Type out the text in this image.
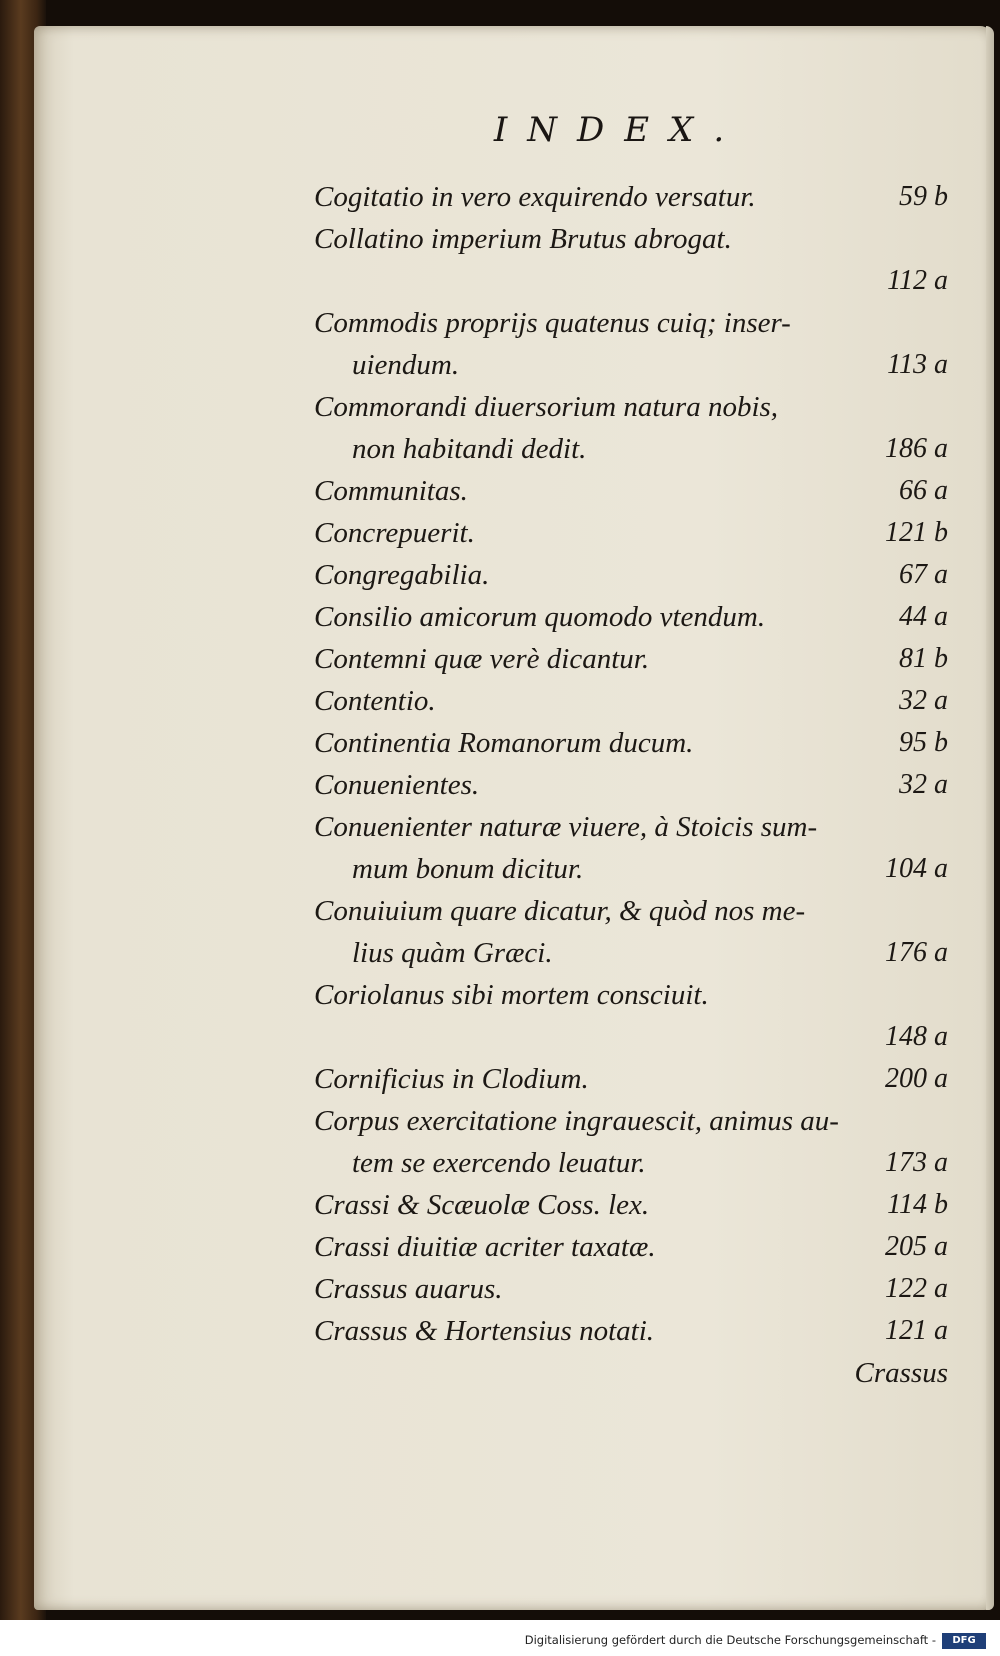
INDEX.
Cogitatio in vero exquirendo versatur.	59 b
Collatino imperium Brutus abrogat.
112 a
Commodis proprijs quatenus cuiq; inser-
uiendum.	113 a
Commorandi diuersorium natura nobis,
non habitandi dedit.	186 a
Communitas.	66 a
Concrepuerit.	121 b
Congregabilia.	67 a
Consilio amicorum quomodo vtendum.	44 a
Contemni quæ verè dicantur.	81 b
Contentio.	32 a
Continentia Romanorum ducum.	95 b
Conuenientes.	32 a
Conuenienter naturæ viuere, à Stoicis sum-
mum bonum dicitur.	104 a
Conuiuium quare dicatur, & quòd nos me-
lius quàm Græci.	176 a
Coriolanus sibi mortem consciuit.
148 a
Cornificius in Clodium.	200 a
Corpus exercitatione ingrauescit, animus au-
tem se exercendo leuatur.	173 a
Crassi & Scæuolæ Coss. lex.	114 b
Crassi diuitiæ acriter taxatæ.	205 a
Crassus auarus.	122 a
Crassus & Hortensius notati.	121 a
Crassus
Digitalisierung gefördert durch die Deutsche Forschungsgemeinschaft -	DFG
